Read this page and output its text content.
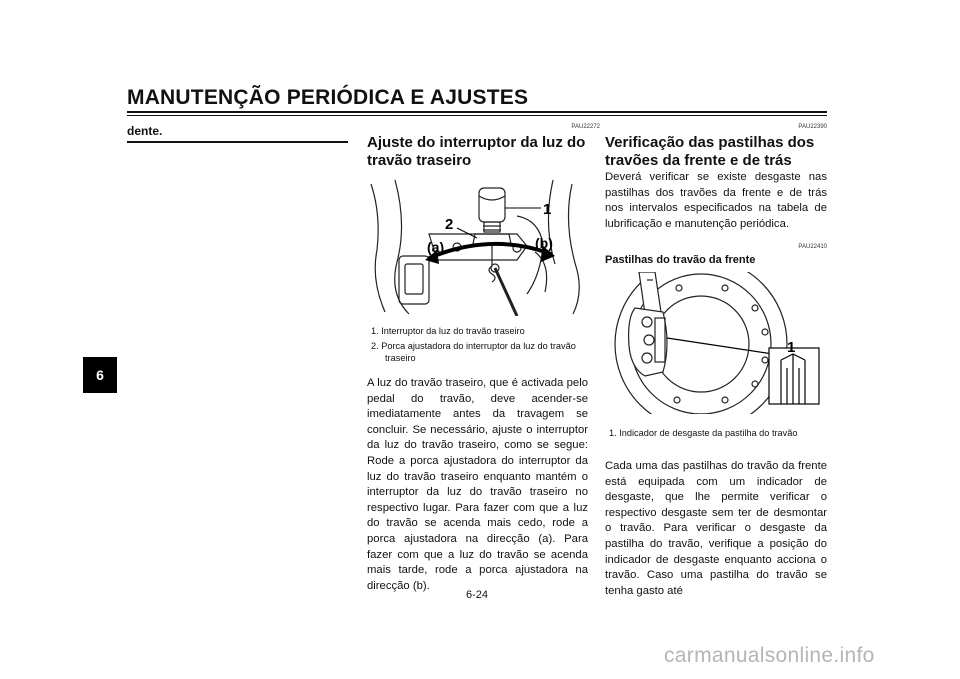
MANUTENÇÃO PERIÓDICA E AJUSTES
6
dente.	PAU22272
Ajuste do interruptor da luz do
travão traseiro
1
2
(a)	(b)
1. Interruptor da luz do travão traseiro
2. Porca ajustadora do interruptor da luz do travão traseiro
A luz do travão traseiro, que é activada pelo pedal do travão, deve acender-se imediatamente antes da travagem se concluir. Se necessário, ajuste o interruptor da luz do travão traseiro, como se segue: Rode a porca ajustadora do interruptor da luz do travão traseiro enquanto mantém o interruptor da luz do travão traseiro no respectivo lugar. Para fazer com que a luz do travão se acenda mais cedo, rode a porca ajustadora na direcção (a). Para fazer com que a luz do travão se acenda mais tarde, rode a porca ajustadora na direcção (b).
PAU22390
Verificação das pastilhas dos
travões da frente e de trás
Deverá verificar se existe desgaste nas pastilhas dos travões da frente e de trás nos intervalos especificados na tabela de lubrificação e manutenção periódica.
PAU22410
Pastilhas do travão da frente
1
1. Indicador de desgaste da pastilha do travão
Cada uma das pastilhas do travão da frente está equipada com um indicador de desgaste, que lhe permite verificar o respectivo desgaste sem ter de desmontar o travão. Para verificar o desgaste da pastilha do travão, verifique a posição do indicador de desgaste enquanto acciona o travão. Caso uma pastilha do travão se tenha gasto até
6-24
carmanualsonline.info
